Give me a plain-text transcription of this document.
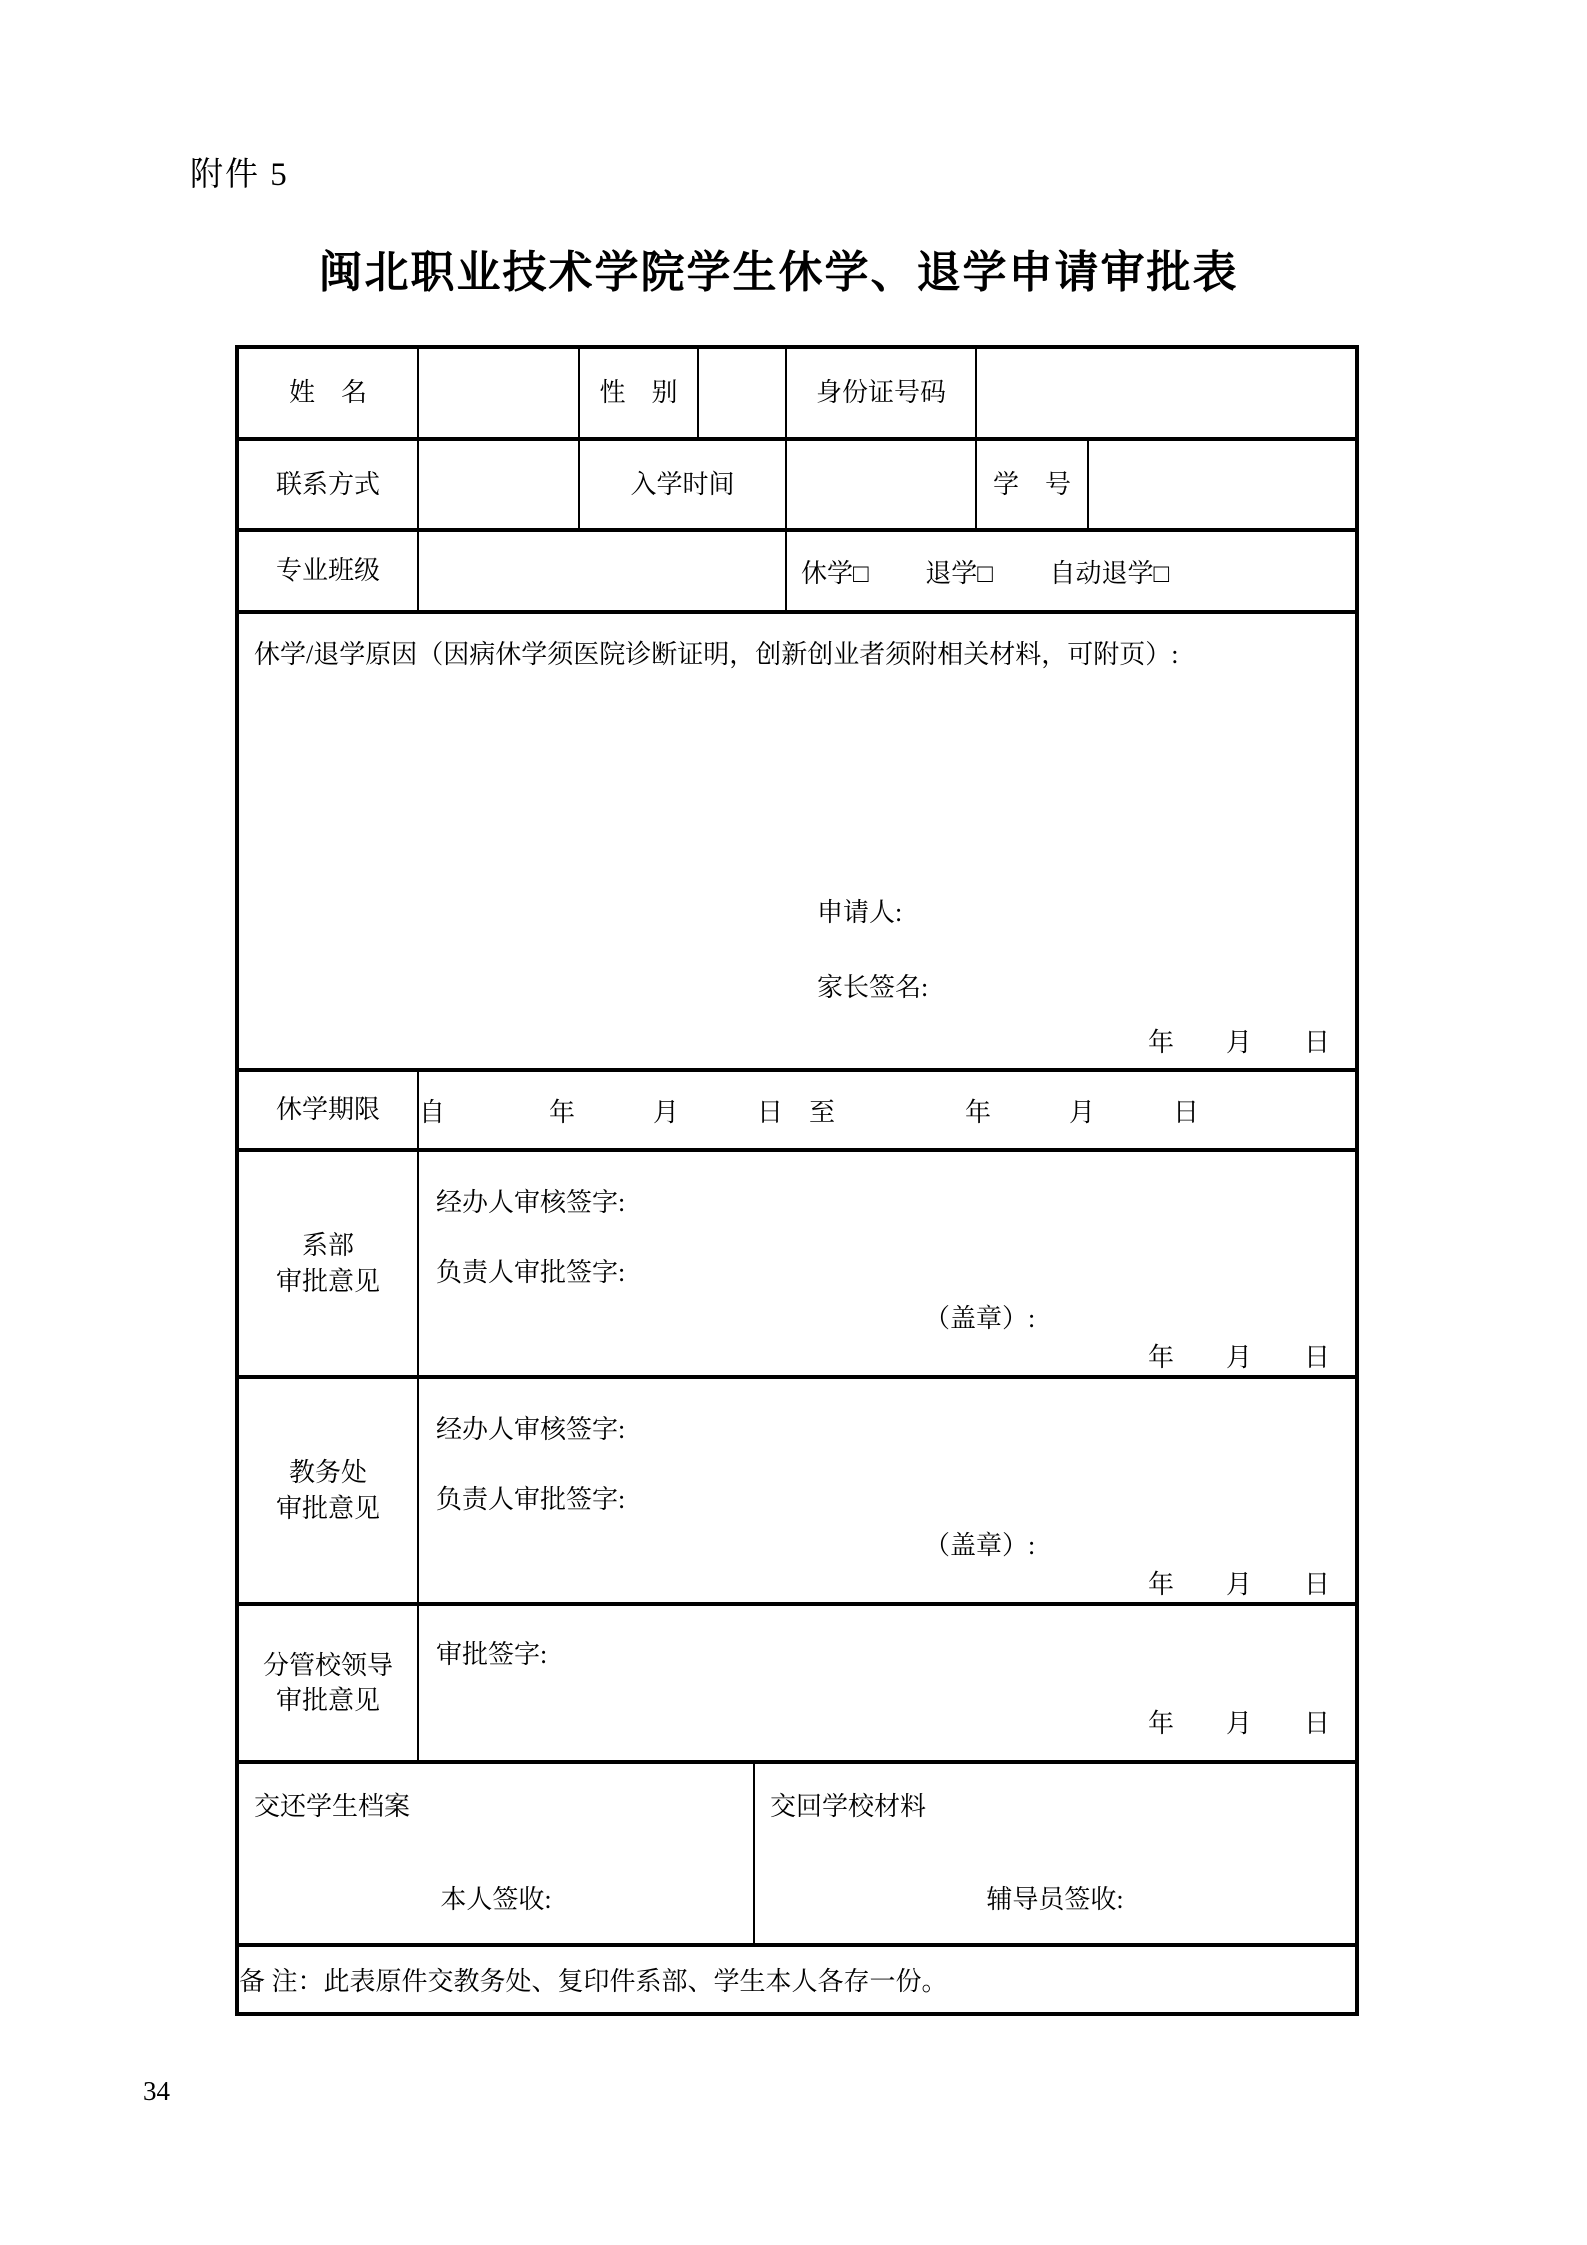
附件 5
闽北职业技术学院学生休学、退学申请审批表
姓　名		性　别			身份证号码		
联系方式		入学时间				学　号	
专业班级					休学□ 退学□ 自动退学□		

休学/退学原因（因病休学须医院诊断证明，创新创业者须附相关材料，可附页）:
申请人:
家长签名:
年　　月　　日							

休学期限	自　　　　年　　　月　　　日　至　　　　　年　　　月　　　日						

系部
审批意见

经办人审核签字:
负责人审批签字:
（盖章）:
年　　月　　日

教务处
审批意见

经办人审核签字:
负责人审批签字:
（盖章）:
年　　月　　日

分管校领导
审批意见

审批签字:
年　　月　　日

交还学生档案
本人签收:

交回学校材料
辅导员签收:

备 注：此表原件交教务处、复印件系部、学生本人各存一份。							
34
